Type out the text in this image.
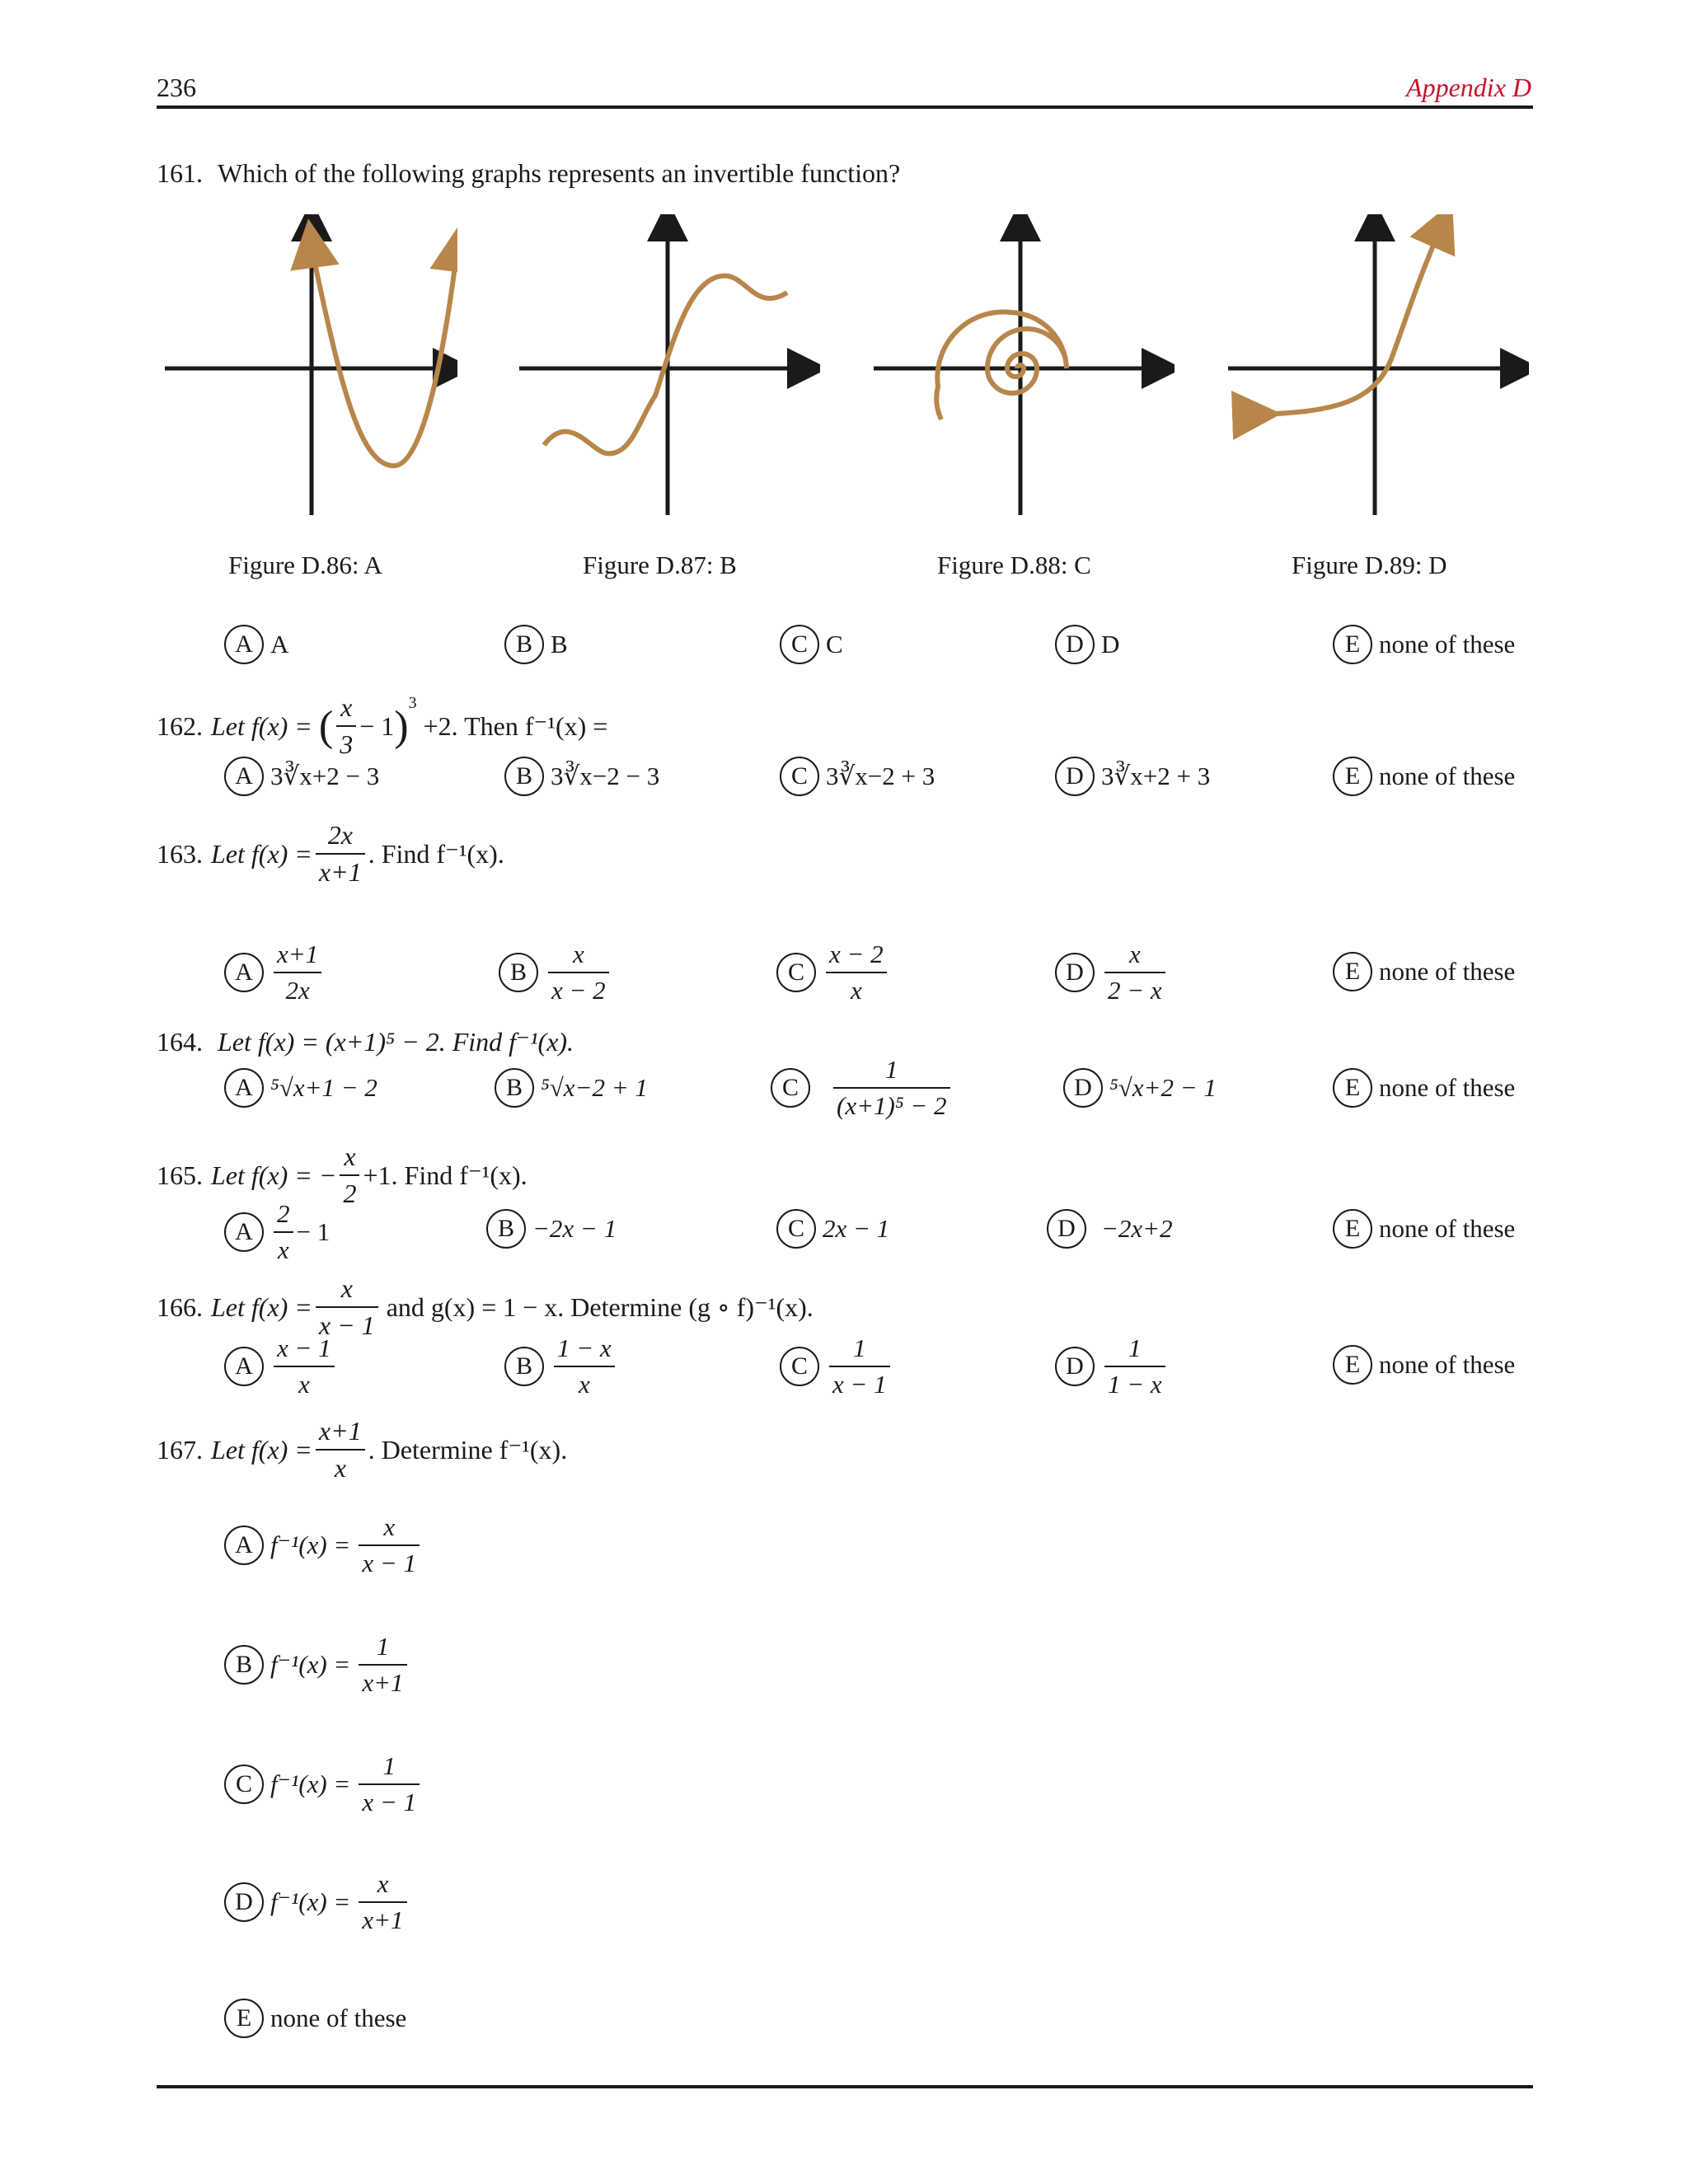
236	Appendix D
161. Which of the following graphs represents an invertible function?
Figure D.86: A	Figure D.87: B	Figure D.88: C	Figure D.89: D
A A	B B	C C	D D	E none of these
162. Let f(x) = ( $\frac{x}{3} - 1$ ) 3
+2. Then f⁻¹(x) =
A 3∛x+2 − 3	B 3∛x−2 − 3	C 3∛x−2 + 3	D 3∛x+2 + 3	E none of these
163. Let $f(x) = \frac{2x}{x+1}$ . Find f⁻¹(x).
A $\frac{x+1}{2x}$	B $\frac{x}{x - 2}$	C $\frac{x - 2}{x}$	D $\frac{x}{2 - x}$	E none of these
164. Let f(x) = (x+1)⁵ − 2. Find f⁻¹(x).
A ⁵√x+1 − 2	B ⁵√x−2 + 1	C	$\frac{1}{\text{(x+1)⁵ − 2}}$	D ⁵√x+2 − 1	E none of these
165. Let f(x) = − $\frac{x}{2} +1$. Find f⁻¹(x).
A $\frac{2}{x} - 1$	B −2x − 1	C 2x − 1	D	−2x+2	E none of these
166. Let $f(x) = \frac{x}{x - 1}$ and g(x) = 1 − x. Determine (g ∘ f)⁻¹(x).
A $\frac{x - 1}{x}$	B $\frac{1 - x}{x}$	C $\frac{1}{x - 1}$	D $\frac{1}{1 - x}$	E none of these
167. Let $f(x) = \frac{x+1}{x}$ . Determine f⁻¹(x).
A $f^{-1}(x) = \frac{x}{x - 1}$
B $f^{-1}(x) = \frac{1}{x+1}$
C $f^{-1}(x) = \frac{1}{x - 1}$
D $f^{-1}(x) = \frac{x}{x+1}$
E none of these
